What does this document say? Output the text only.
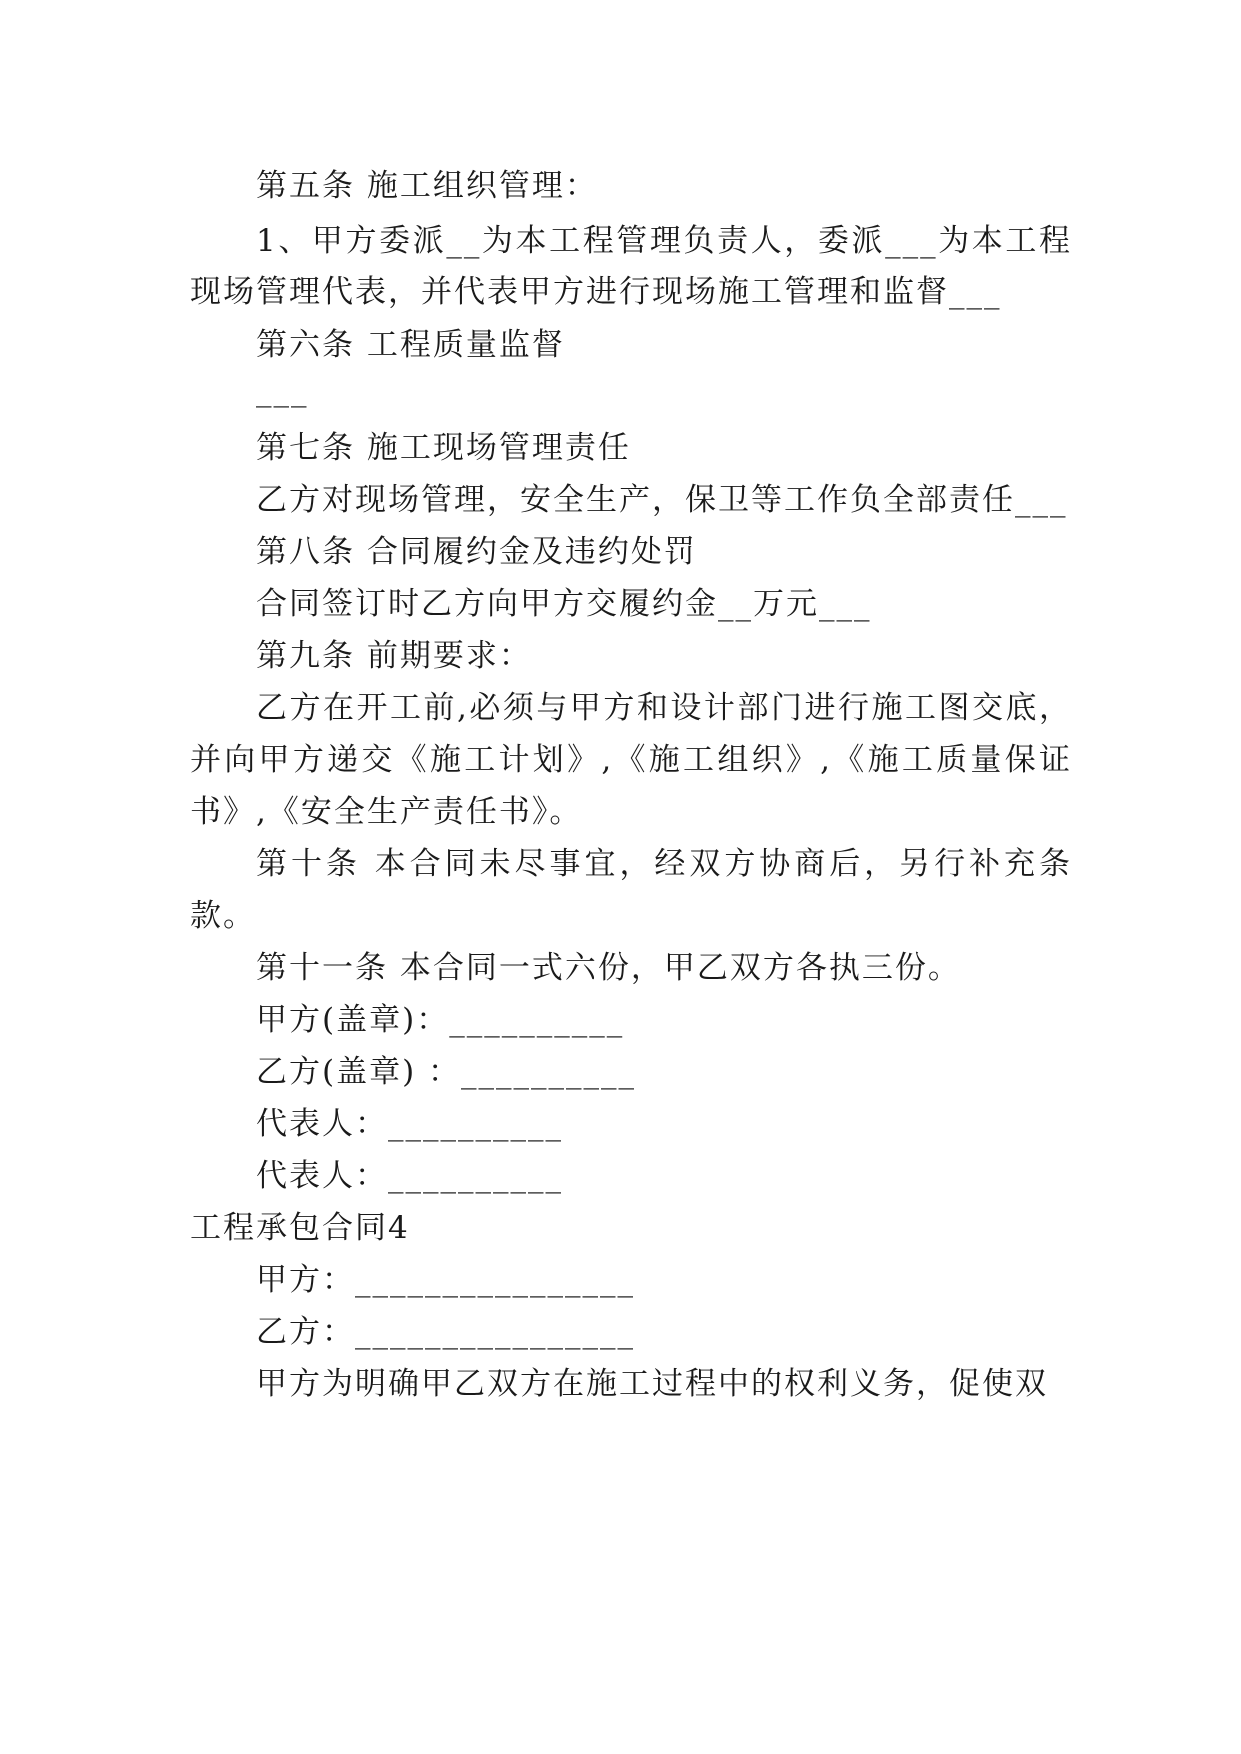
第五条 施工组织管理：
1、甲方委派__为本工程管理负责人，委派___为本工程
现场管理代表，并代表甲方进行现场施工管理和监督___
第六条 工程质量监督
___
第七条 施工现场管理责任
乙方对现场管理，安全生产，保卫等工作负全部责任___
第八条 合同履约金及违约处罚
合同签订时乙方向甲方交履约金__万元___
第九条 前期要求：
乙方在开工前,必须与甲方和设计部门进行施工图交底，
并向甲方递交《施工计划》,《施工组织》,《施工质量保证
书》,《安全生产责任书》。
第十条 本合同未尽事宜，经双方协商后，另行补充条
款。
第十一条 本合同一式六份，甲乙双方各执三份。
甲方(盖章)：__________
乙方(盖章) ：__________
代表人：__________
代表人：__________
工程承包合同4
甲方：________________
乙方：________________
甲方为明确甲乙双方在施工过程中的权利义务，促使双
